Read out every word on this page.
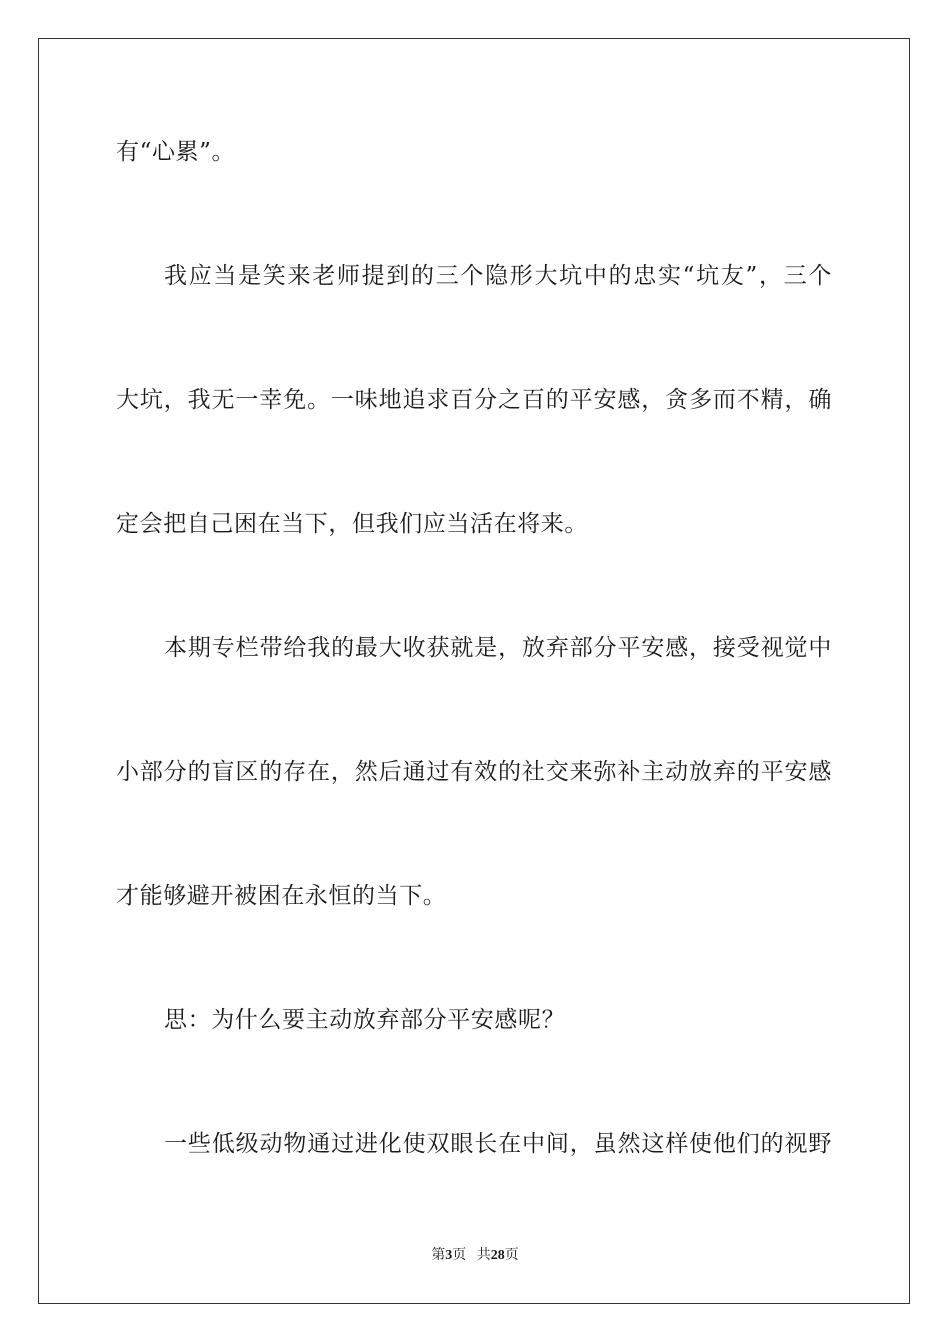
有“心累”。
我应当是笑来老师提到的三个隐形大坑中的忠实“坑友”，三个
大坑，我无一幸免。一味地追求百分之百的平安感，贪多而不精，确
定会把自己困在当下，但我们应当活在将来。
本期专栏带给我的最大收获就是，放弃部分平安感，接受视觉中
小部分的盲区的存在，然后通过有效的社交来弥补主动放弃的平安感
才能够避开被困在永恒的当下。
思：为什么要主动放弃部分平安感呢？
一些低级动物通过进化使双眼长在中间，虽然这样使他们的视野
第3页 共28页
